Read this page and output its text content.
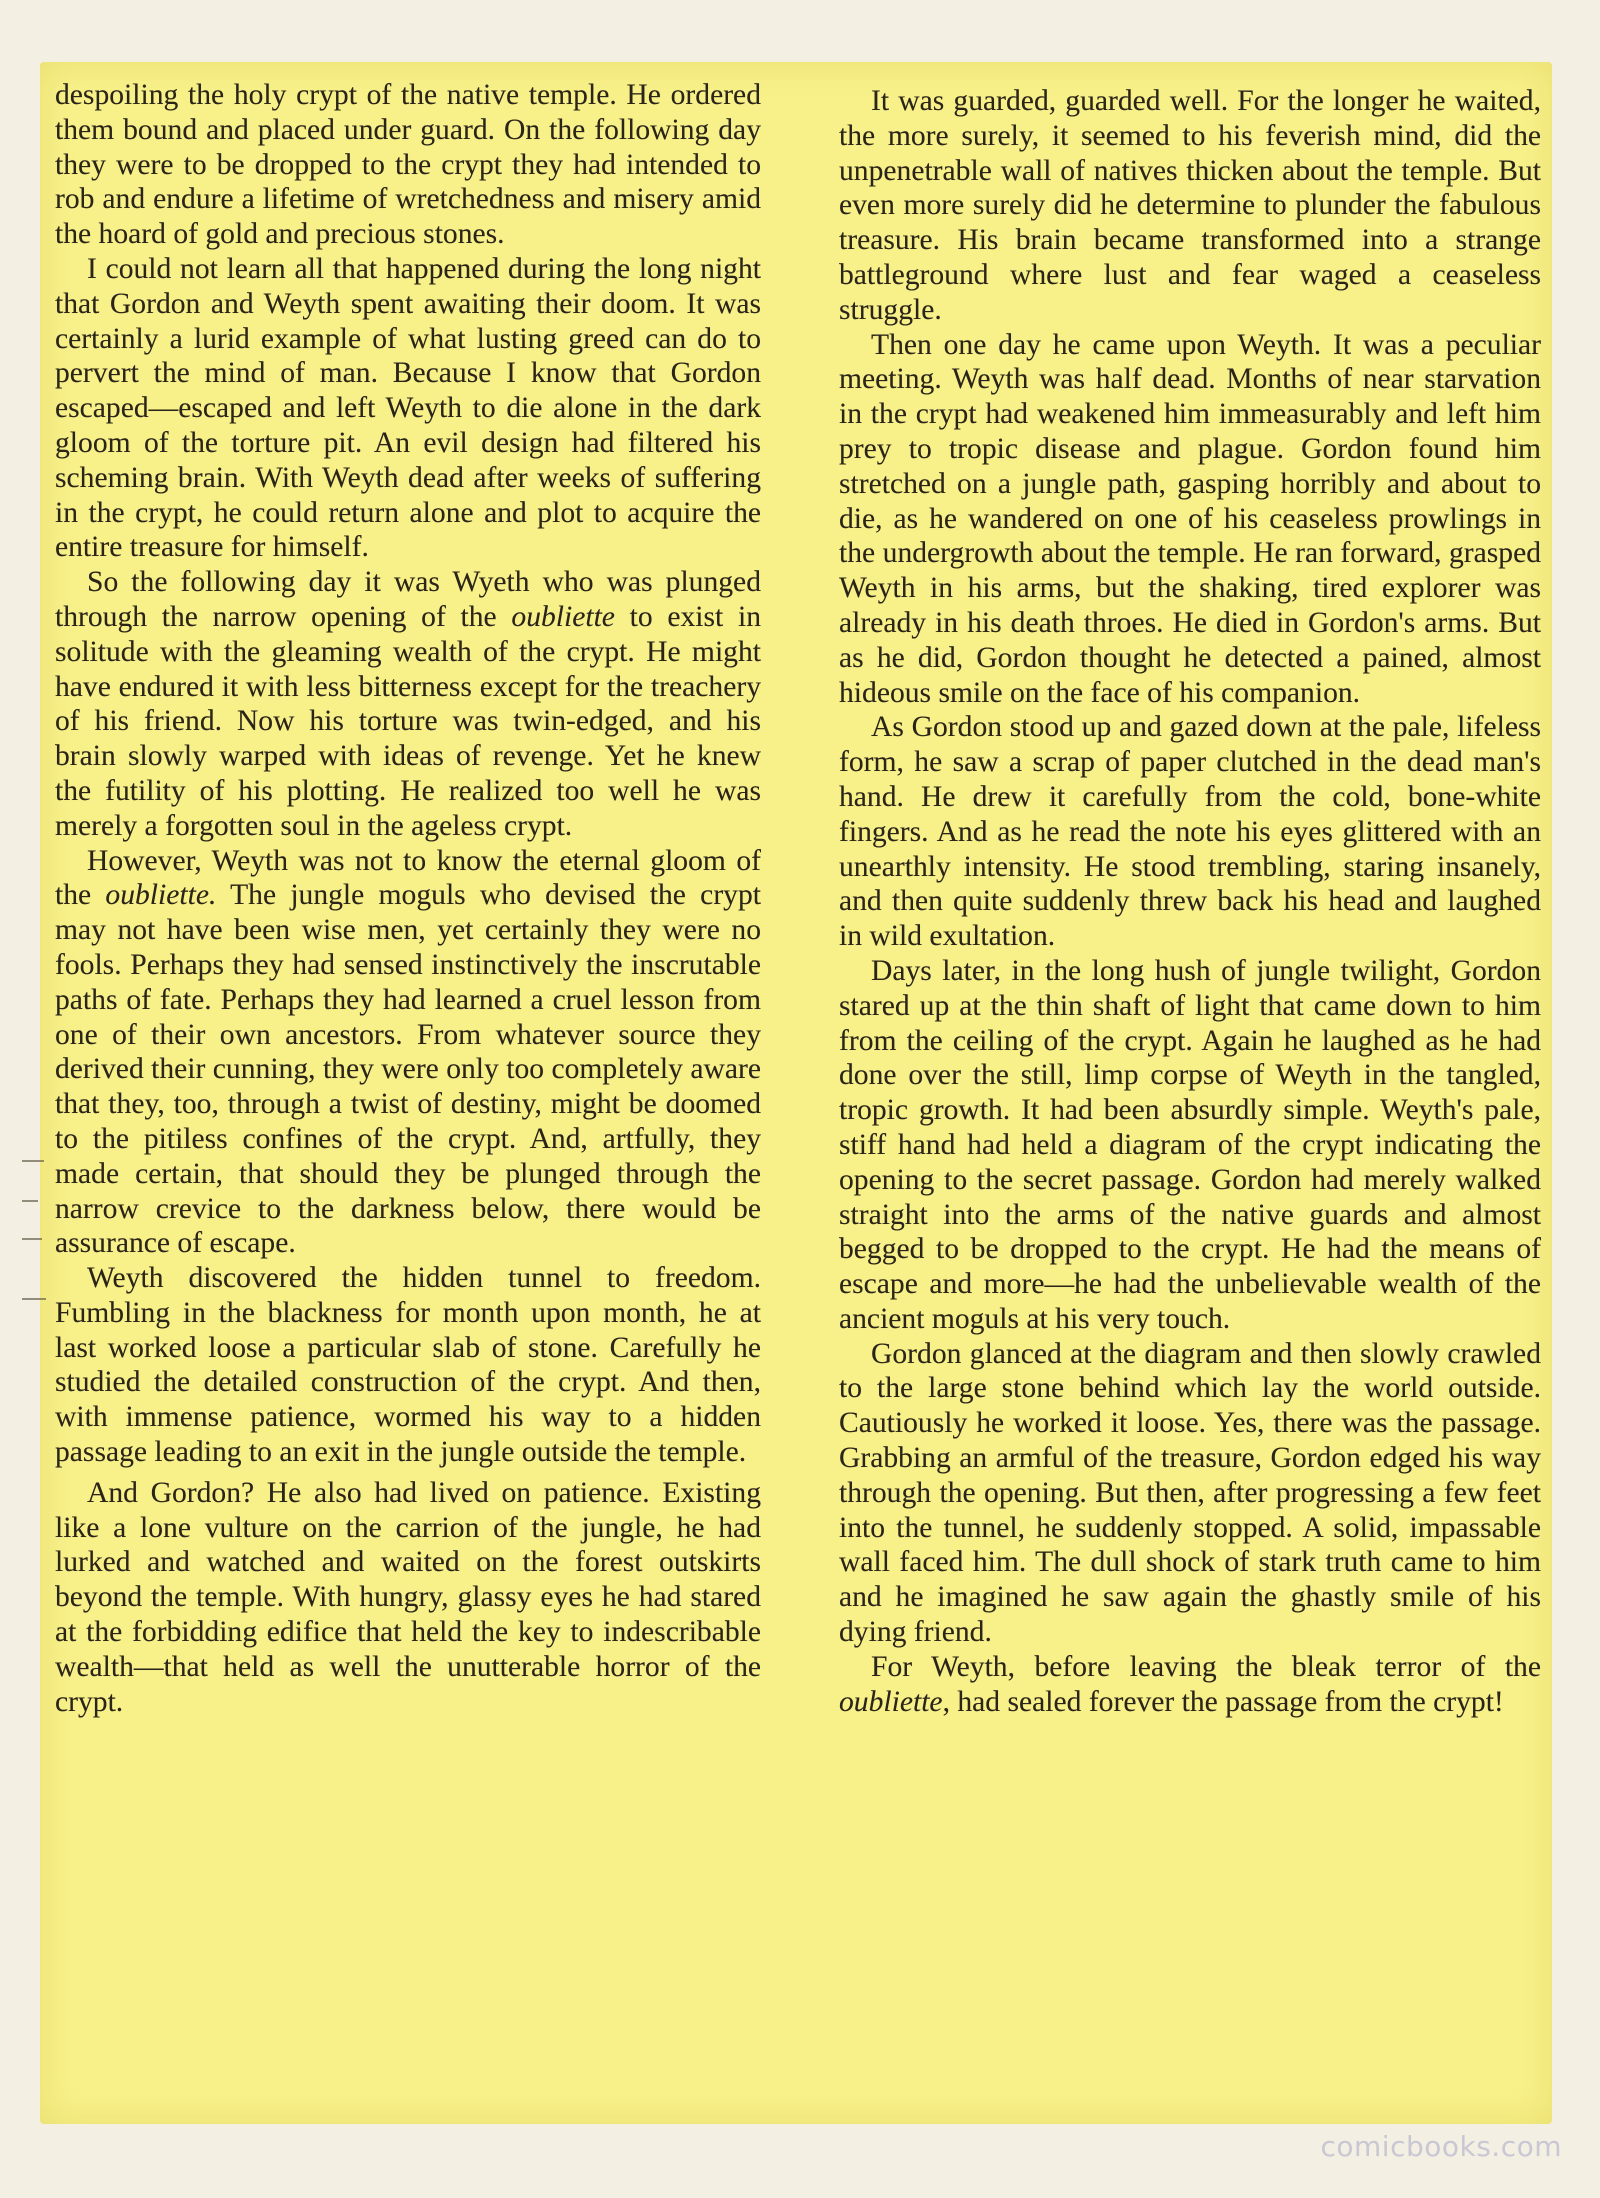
despoiling the holy crypt of the native temple. He ordered them bound and placed under guard. On the following day they were to be dropped to the crypt they had intended to rob and endure a lifetime of wretchedness and misery amid the hoard of gold and precious stones.

I could not learn all that happened during the long night that Gordon and Weyth spent awaiting their doom. It was certainly a lurid example of what lusting greed can do to pervert the mind of man. Because I know that Gordon escaped—escaped and left Weyth to die alone in the dark gloom of the torture pit. An evil design had filtered his scheming brain. With Weyth dead after weeks of suffering in the crypt, he could return alone and plot to acquire the entire treasure for himself.

So the following day it was Wyeth who was plunged through the narrow opening of the oubliette to exist in solitude with the gleaming wealth of the crypt. He might have endured it with less bitterness except for the treachery of his friend. Now his torture was twin-edged, and his brain slowly warped with ideas of revenge. Yet he knew the futility of his plotting. He realized too well he was merely a forgotten soul in the ageless crypt.

However, Weyth was not to know the eternal gloom of the oubliette. The jungle moguls who devised the crypt may not have been wise men, yet certainly they were no fools. Perhaps they had sensed instinctively the inscrutable paths of fate. Perhaps they had learned a cruel lesson from one of their own ancestors. From whatever source they derived their cunning, they were only too completely aware that they, too, through a twist of destiny, might be doomed to the pitiless confines of the crypt. And, artfully, they made certain, that should they be plunged through the narrow crevice to the darkness below, there would be assurance of escape.

Weyth discovered the hidden tunnel to freedom. Fumbling in the blackness for month upon month, he at last worked loose a particular slab of stone. Carefully he studied the detailed construction of the crypt. And then, with immense patience, wormed his way to a hidden passage leading to an exit in the jungle outside the temple.

And Gordon? He also had lived on patience. Existing like a lone vulture on the carrion of the jungle, he had lurked and watched and waited on the forest outskirts beyond the temple. With hungry, glassy eyes he had stared at the forbidding edifice that held the key to indescribable wealth—that held as well the unutterable horror of the crypt.

It was guarded, guarded well. For the longer he waited, the more surely, it seemed to his feverish mind, did the unpenetrable wall of natives thicken about the temple. But even more surely did he determine to plunder the fabulous treasure. His brain became transformed into a strange battleground where lust and fear waged a ceaseless struggle.

Then one day he came upon Weyth. It was a peculiar meeting. Weyth was half dead. Months of near starvation in the crypt had weakened him immeasurably and left him prey to tropic disease and plague. Gordon found him stretched on a jungle path, gasping horribly and about to die, as he wandered on one of his ceaseless prowlings in the undergrowth about the temple. He ran forward, grasped Weyth in his arms, but the shaking, tired explorer was already in his death throes. He died in Gordon's arms. But as he did, Gordon thought he detected a pained, almost hideous smile on the face of his companion.

As Gordon stood up and gazed down at the pale, lifeless form, he saw a scrap of paper clutched in the dead man's hand. He drew it carefully from the cold, bone-white fingers. And as he read the note his eyes glittered with an unearthly intensity. He stood trembling, staring insanely, and then quite suddenly threw back his head and laughed in wild exultation.

Days later, in the long hush of jungle twilight, Gordon stared up at the thin shaft of light that came down to him from the ceiling of the crypt. Again he laughed as he had done over the still, limp corpse of Weyth in the tangled, tropic growth. It had been absurdly simple. Weyth's pale, stiff hand had held a diagram of the crypt indicating the opening to the secret passage. Gordon had merely walked straight into the arms of the native guards and almost begged to be dropped to the crypt. He had the means of escape and more—he had the unbelievable wealth of the ancient moguls at his very touch.

Gordon glanced at the diagram and then slowly crawled to the large stone behind which lay the world outside. Cautiously he worked it loose. Yes, there was the passage. Grabbing an armful of the treasure, Gordon edged his way through the opening. But then, after progressing a few feet into the tunnel, he suddenly stopped. A solid, impassable wall faced him. The dull shock of stark truth came to him and he imagined he saw again the ghastly smile of his dying friend.

For Weyth, before leaving the bleak terror of the oubliette, had sealed forever the passage from the crypt!

comicbooks.com
